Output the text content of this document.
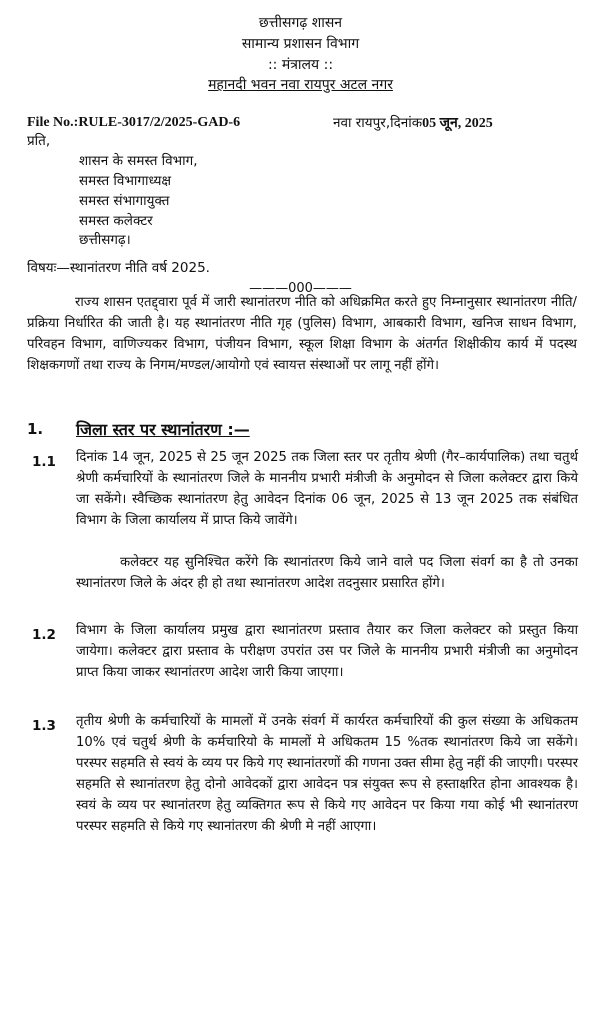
छत्तीसगढ़ शासन
सामान्य प्रशासन विभाग
:: मंत्रालय ::
महानदी भवन नवा रायपुर अटल नगर
File No.:RULE-3017/2/2025-GAD-6	नवा रायपुर,दिनांक05 जून, 2025
प्रति,
शासन के समस्त विभाग,
समस्त विभागाध्यक्ष
समस्त संभागायुक्त
समस्त कलेक्टर
छत्तीसगढ़।
विषयः—स्थानांतरण नीति वर्ष 2025.
———000———
राज्य शासन एतद्द्वारा पूर्व में जारी स्थानांतरण नीति को अधिक्रमित करते हुए निम्नानुसार स्थानांतरण नीति/प्रक्रिया निर्धारित की जाती है। यह स्थानांतरण नीति गृह (पुलिस) विभाग, आबकारी विभाग, खनिज साधन विभाग, परिवहन विभाग, वाणिज्यकर विभाग, पंजीयन विभाग, स्कूल शिक्षा विभाग के अंतर्गत शिक्षीकीय कार्य में पदस्थ शिक्षकगणों तथा राज्य के निगम/मण्डल/आयोगो एवं स्वायत्त संस्थाओं पर लागू नहीं होंगे।
1. जिला स्तर पर स्थानांतरण :—
1.1 दिनांक 14 जून, 2025 से 25 जून 2025 तक जिला स्तर पर तृतीय श्रेणी (गैर–कार्यपालिक) तथा चतुर्थ श्रेणी कर्मचारियों के स्थानांतरण जिले के माननीय प्रभारी मंत्रीजी के अनुमोदन से जिला कलेक्टर द्वारा किये जा सकेंगे। स्वैच्छिक स्थानांतरण हेतु आवेदन दिनांक 06 जून, 2025 से 13 जून 2025 तक संबंधित विभाग के जिला कार्यालय में प्राप्त किये जावेंगे।
कलेक्टर यह सुनिश्चित करेंगे कि स्थानांतरण किये जाने वाले पद जिला संवर्ग का है तो उनका स्थानांतरण जिले के अंदर ही हो तथा स्थानांतरण आदेश तदनुसार प्रसारित होंगे।
1.2 विभाग के जिला कार्यालय प्रमुख द्वारा स्थानांतरण प्रस्ताव तैयार कर जिला कलेक्टर को प्रस्तुत किया जायेगा। कलेक्टर द्वारा प्रस्ताव के परीक्षण उपरांत उस पर जिले के माननीय प्रभारी मंत्रीजी का अनुमोदन प्राप्त किया जाकर स्थानांतरण आदेश जारी किया जाएगा।
1.3 तृतीय श्रेणी के कर्मचारियों के मामलों में उनके संवर्ग में कार्यरत कर्मचारियों की कुल संख्या के अधिकतम 10% एवं चतुर्थ श्रेणी के कर्मचारियो के मामलों मे अधिकतम 15 %तक स्थानांतरण किये जा सकेंगे। परस्पर सहमति से स्वयं के व्यय पर किये गए स्थानांतरणों की गणना उक्त सीमा हेतु नहीं की जाएगी। परस्पर सहमति से स्थानांतरण हेतु दोनो आवेदकों द्वारा आवेदन पत्र संयुक्त रूप से हस्ताक्षरित होना आवश्यक है। स्वयं के व्यय पर स्थानांतरण हेतु व्यक्तिगत रूप से किये गए आवेदन पर किया गया कोई भी स्थानांतरण परस्पर सहमति से किये गए स्थानांतरण की श्रेणी मे नहीं आएगा।
